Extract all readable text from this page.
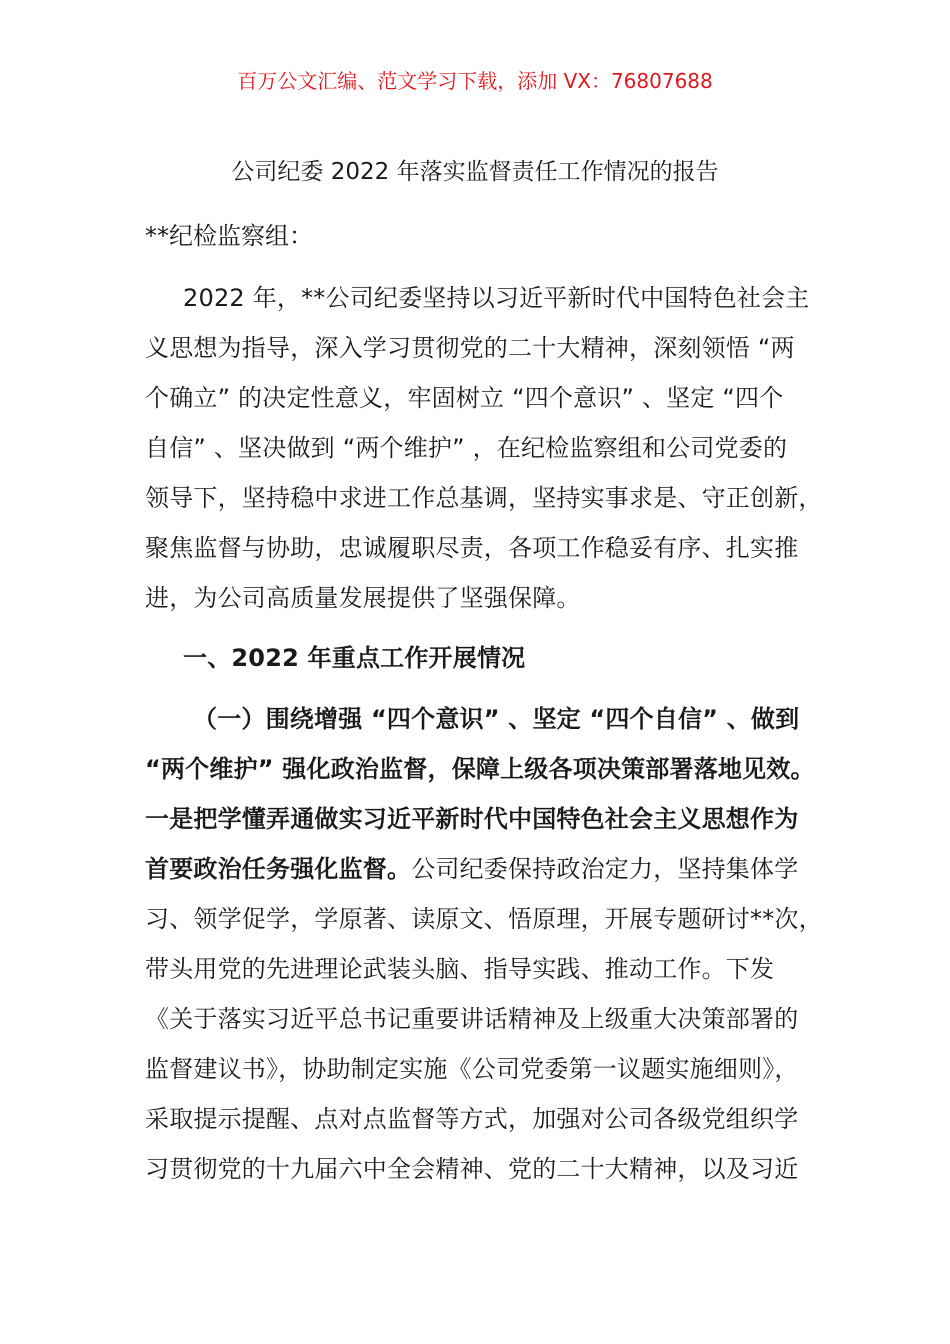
百万公文汇编、范文学习下载，添加 VX：76807688
公司纪委 2022 年落实监督责任工作情况的报告
**纪检监察组：
2022 年，**公司纪委坚持以习近平新时代中国特色社会主
义思想为指导，深入学习贯彻党的二十大精神，深刻领悟 “两
个确立” 的决定性意义，牢固树立 “四个意识” 、坚定 “四个
自信” 、坚决做到 “两个维护” ，在纪检监察组和公司党委的
领导下，坚持稳中求进工作总基调，坚持实事求是、守正创新，
聚焦监督与协助，忠诚履职尽责，各项工作稳妥有序、扎实推
进，为公司高质量发展提供了坚强保障。
一、2022 年重点工作开展情况
（一）围绕增强 “四个意识” 、坚定 “四个自信” 、做到
“两个维护” 强化政治监督，保障上级各项决策部署落地见效。
一是把学懂弄通做实习近平新时代中国特色社会主义思想作为
首要政治任务强化监督。公司纪委保持政治定力，坚持集体学
习、领学促学，学原著、读原文、悟原理，开展专题研讨**次，
带头用党的先进理论武装头脑、指导实践、推动工作。下发
《关于落实习近平总书记重要讲话精神及上级重大决策部署的
监督建议书》，协助制定实施《公司党委第一议题实施细则》，
采取提示提醒、点对点监督等方式，加强对公司各级党组织学
习贯彻党的十九届六中全会精神、党的二十大精神，以及习近
